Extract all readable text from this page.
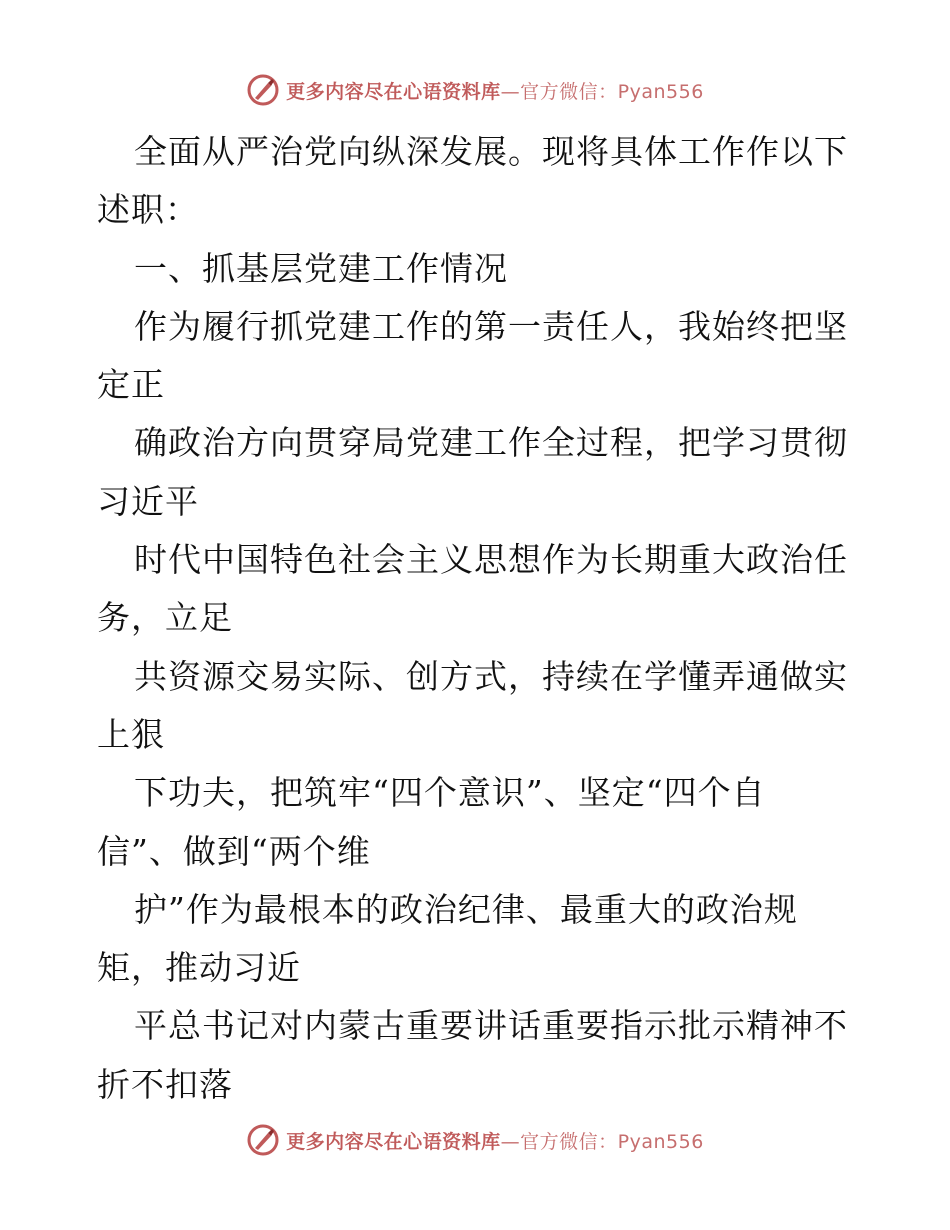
更多内容尽在心语资料库—官方微信：Pyan556
全面从严治党向纵深发展。现将具体工作作以下
述职：
一、抓基层党建工作情况
作为履行抓党建工作的第一责任人，我始终把坚
定正
确政治方向贯穿局党建工作全过程，把学习贯彻
习近平
时代中国特色社会主义思想作为长期重大政治任
务，立足
共资源交易实际、创方式，持续在学懂弄通做实
上狠
下功夫，把筑牢“四个意识”、坚定“四个自
信”、做到“两个维
护”作为最根本的政治纪律、最重大的政治规
矩，推动习近
平总书记对内蒙古重要讲话重要指示批示精神不
折不扣落
更多内容尽在心语资料库—官方微信：Pyan556
